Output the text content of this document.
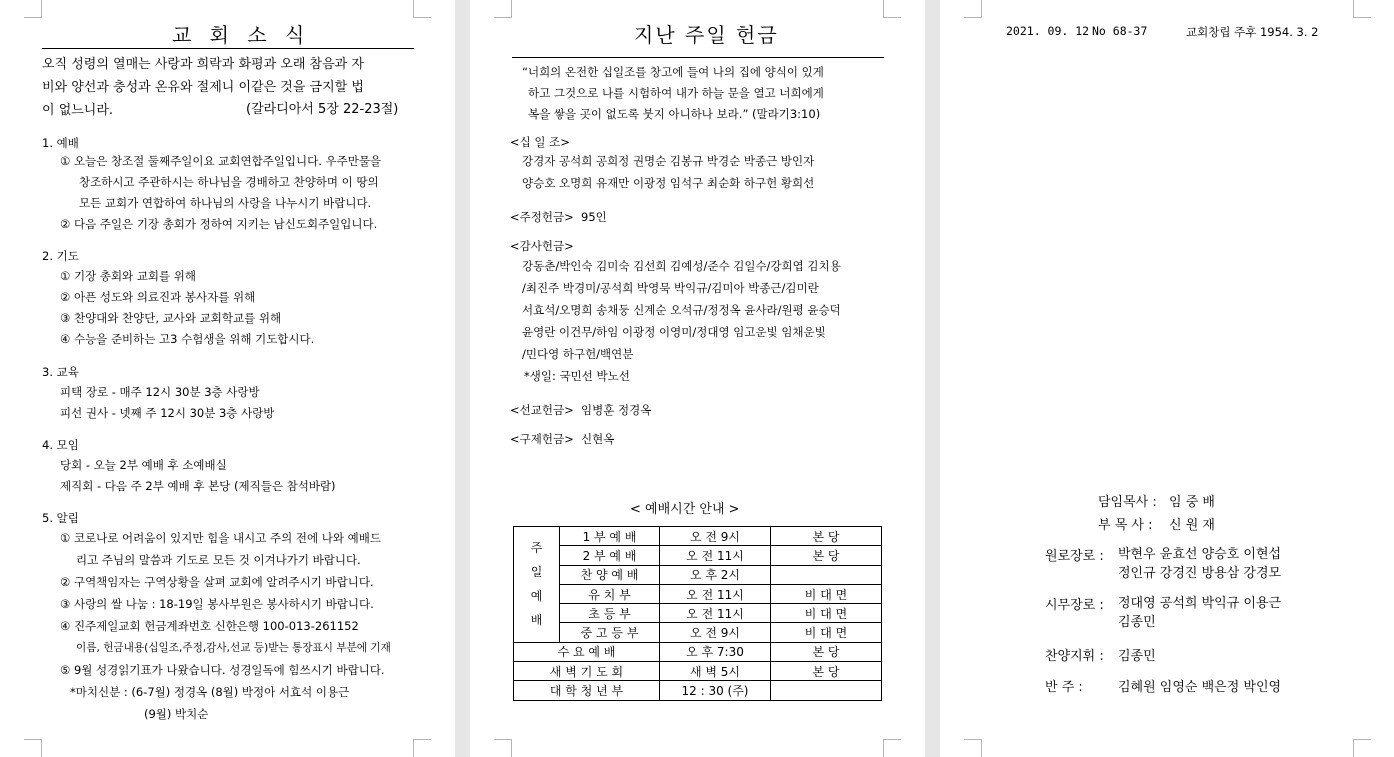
교 회 소 식
오직 성령의 열매는 사랑과 희락과 화평과 오래 참음과 자
비와 양선과 충성과 온유와 절제니 이같은 것을 금지할 법
이 없느니라.	(갈라디아서 5장 22-23절)
1. 예배
① 오늘은 창조절 둘째주일이요 교회연합주일입니다. 우주만물을
창조하시고 주관하시는 하나님을 경배하고 찬양하며 이 땅의
모든 교회가 연합하여 하나님의 사랑을 나누시기 바랍니다.
② 다음 주일은 기장 총회가 정하여 지키는 남신도회주일입니다.
2. 기도
① 기장 총회와 교회를 위해
② 아픈 성도와 의료진과 봉사자를 위해
③ 찬양대와 찬양단, 교사와 교회학교를 위해
④ 수능을 준비하는 고3 수험생을 위해 기도합시다.
3. 교육
피택 장로 - 매주 12시 30분 3층 사랑방
피선 권사 - 넷째 주 12시 30분 3층 사랑방
4. 모임
당회 - 오늘 2부 예배 후 소예배실
제직회 - 다음 주 2부 예배 후 본당 (제직들은 참석바람)
5. 알림
① 코로나로 어려움이 있지만 힘을 내시고 주의 전에 나와 예배드
리고 주님의 말씀과 기도로 모든 것 이겨나가기 바랍니다.
② 구역책임자는 구역상황을 살펴 교회에 알려주시기 바랍니다.
③ 사랑의 쌀 나눔 : 18-19일 봉사부원은 봉사하시기 바랍니다.
④ 진주제일교회 헌금계좌번호 신한은행 100-013-261152
이름, 헌금내용(십일조,주정,감사,선교 등)받는 통장표시 부분에 기재
⑤ 9월 성경읽기표가 나왔습니다. 성경일독에 힘쓰시기 바랍니다.
*마치신분 : (6-7월) 정경옥 (8월) 박정아 서효석 이용근
(9월) 박치순
지난 주일 헌금
“너희의 온전한 십일조를 창고에 들여 나의 집에 양식이 있게
하고 그것으로 나를 시험하여 내가 하늘 문을 열고 너희에게
복을 쌓을 곳이 없도록 붓지 아니하나 보라.” (말라기3:10)
<십 일 조>
강경자 공석희 공희정 권명순 김봉규 박경순 박종근 방인자
양승호 오명희 유재만 이광정 임석구 최순화 하구헌 황희선
<주정헌금> 95인
<감사헌금>
강동춘/박인숙 김미숙 김선희 김예성/준수 김일수/강희엽 김치용
/최진주 박경미/공석희 박영묵 박익규/김미아 박종근/김미란
서효석/오명희 송채둥 신계순 오석규/정정옥 윤사라/원평 윤승덕
윤영란 이건무/하임 이광정 이영미/정대영 임고운빛 임채운빛
/민다영 하구헌/백연분
*생일: 국민선 박노선
<선교헌금> 임병훈 정경옥
<구제헌금> 신현옥
< 예배시간 안내 >
주
일
예
배	1 부 예 배	오 전 9시	본 당
	2 부 예 배	오 전 11시	본 당
	찬 양 예 배	오 후 2시	
	유 치 부	오 전 11시	비 대 면
	초 등 부	오 전 11시	비 대 면
	중 고 등 부	오 전 9시	비 대 면
수 요 예 배		오 후 7:30	본 당
새 벽 기 도 회		새 벽 5시	본 당
대 학 청 년 부		12 : 30 (주)	
2021. 09. 12 No 68-37	교회창립 주후 1954. 3. 2
담임목사 : 임 중 배
부 목 사 : 신 원 재
원로장로 : 박현우 윤효선 양승호 이현섭
정인규 강경진 방용삼 강경모
시무장로 : 정대영 공석희 박익규 이용근
김종민
찬양지휘 : 김종민
반 주 :	김혜원 임영순 백은정 박인영
